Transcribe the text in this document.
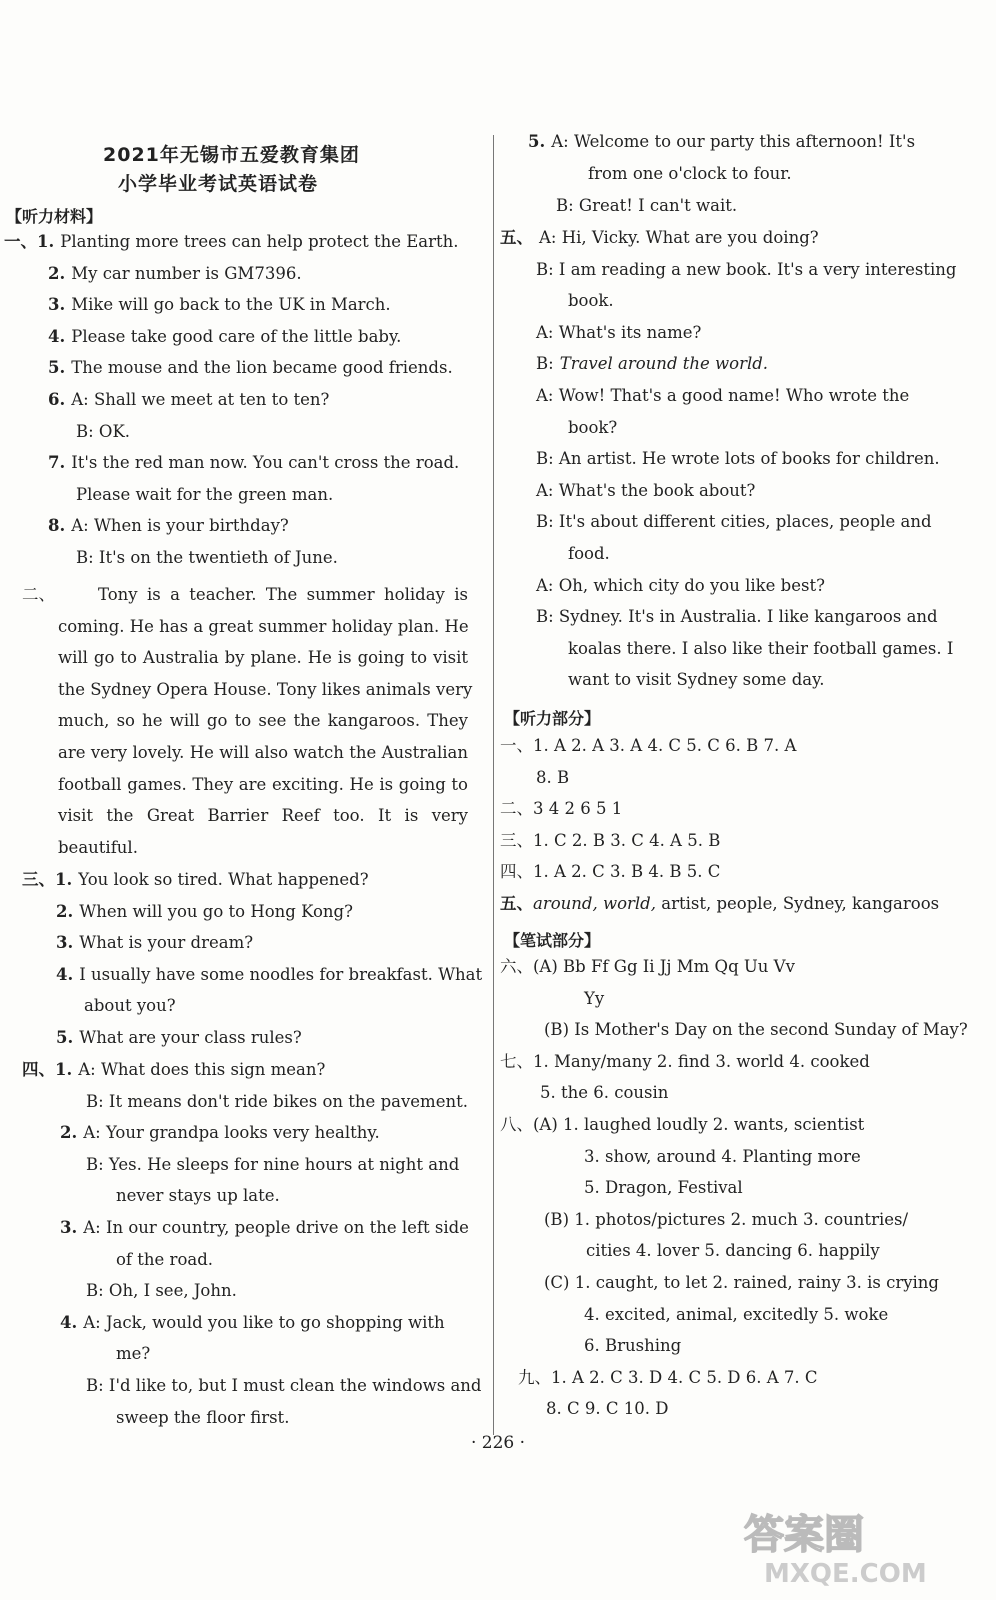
2021年无锡市五爱教育集团
小学毕业考试英语试卷
【听力材料】
一、1. Planting more trees can help protect the Earth.
2. My car number is GM7396.
3. Mike will go back to the UK in March.
4. Please take good care of the little baby.
5. The mouse and the lion became good friends.
6. A: Shall we meet at ten to ten?
B: OK.
7. It's the red man now. You can't cross the road.
Please wait for the green man.
8. A: When is your birthday?
B: It's on the twentieth of June.
二、	Tony is a teacher. The summer holiday is
coming. He has a great summer holiday plan. He
will go to Australia by plane. He is going to visit
the Sydney Opera House. Tony likes animals very
much, so he will go to see the kangaroos. They
are very lovely. He will also watch the Australian
football games. They are exciting. He is going to
visit the Great Barrier Reef too. It is very
beautiful.
三、1. You look so tired. What happened?
2. When will you go to Hong Kong?
3. What is your dream?
4. I usually have some noodles for breakfast. What
about you?
5. What are your class rules?
四、1. A: What does this sign mean?
B: It means don't ride bikes on the pavement.
2. A: Your grandpa looks very healthy.
B: Yes. He sleeps for nine hours at night and
never stays up late.
3. A: In our country, people drive on the left side
of the road.
B: Oh, I see, John.
4. A: Jack, would you like to go shopping with
me?
B: I'd like to, but I must clean the windows and
sweep the floor first.
5. A: Welcome to our party this afternoon! It's
from one o'clock to four.
B: Great! I can't wait.
五、 A: Hi, Vicky. What are you doing?
B: I am reading a new book. It's a very interesting
book.
A: What's its name?
B: Travel around the world.
A: Wow! That's a good name! Who wrote the
book?
B: An artist. He wrote lots of books for children.
A: What's the book about?
B: It's about different cities, places, people and
food.
A: Oh, which city do you like best?
B: Sydney. It's in Australia. I like kangaroos and
koalas there. I also like their football games. I
want to visit Sydney some day.
【听力部分】
一、1. A 2. A 3. A 4. C 5. C 6. B 7. A
8. B
二、3 4 2 6 5 1
三、1. C 2. B 3. C 4. A 5. B
四、1. A 2. C 3. B 4. B 5. C
五、around, world, artist, people, Sydney, kangaroos
【笔试部分】
六、(A) Bb Ff Gg Ii Jj Mm Qq Uu Vv
Yy
(B) Is Mother's Day on the second Sunday of May?
七、1. Many/many 2. find 3. world 4. cooked
5. the 6. cousin
八、(A) 1. laughed loudly 2. wants, scientist
3. show, around 4. Planting more
5. Dragon, Festival
(B) 1. photos/pictures 2. much 3. countries/
cities 4. lover 5. dancing 6. happily
(C) 1. caught, to let 2. rained, rainy 3. is crying
4. excited, animal, excitedly 5. woke
6. Brushing
九、1. A 2. C 3. D 4. C 5. D 6. A 7. C
8. C 9. C 10. D
· 226 ·
答案圈
MXQE.COM
